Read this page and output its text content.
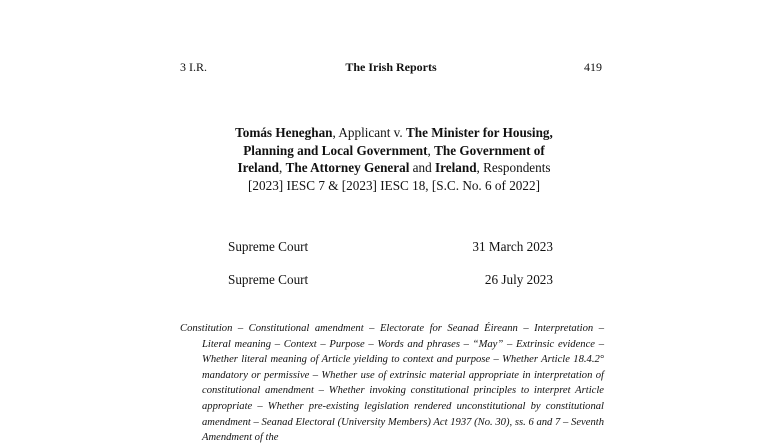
3 I.R.	The Irish Reports	419
Tomás Heneghan, Applicant v. The Minister for Housing, Planning and Local Government, The Government of Ireland, The Attorney General and Ireland, Respondents [2023] IESC 7 & [2023] IESC 18, [S.C. No. 6 of 2022]
Supreme Court	31 March 2023
Supreme Court	26 July 2023

Constitution – Constitutional amendment – Electorate for Seanad Éireann – Interpretation – Literal meaning – Context – Purpose – Words and phrases – “May” – Extrinsic evidence – Whether literal meaning of Article yielding to context and purpose – Whether Article 18.4.2° mandatory or permissive – Whether use of extrinsic material appropriate in interpretation of constitutional amendment – Whether invoking constitutional principles to interpret Article appropriate – Whether pre-existing legislation rendered unconstitutional by constitutional amendment – Seanad Electoral (University Members) Act 1937 (No. 30), ss. 6 and 7 – Seventh Amendment of the
